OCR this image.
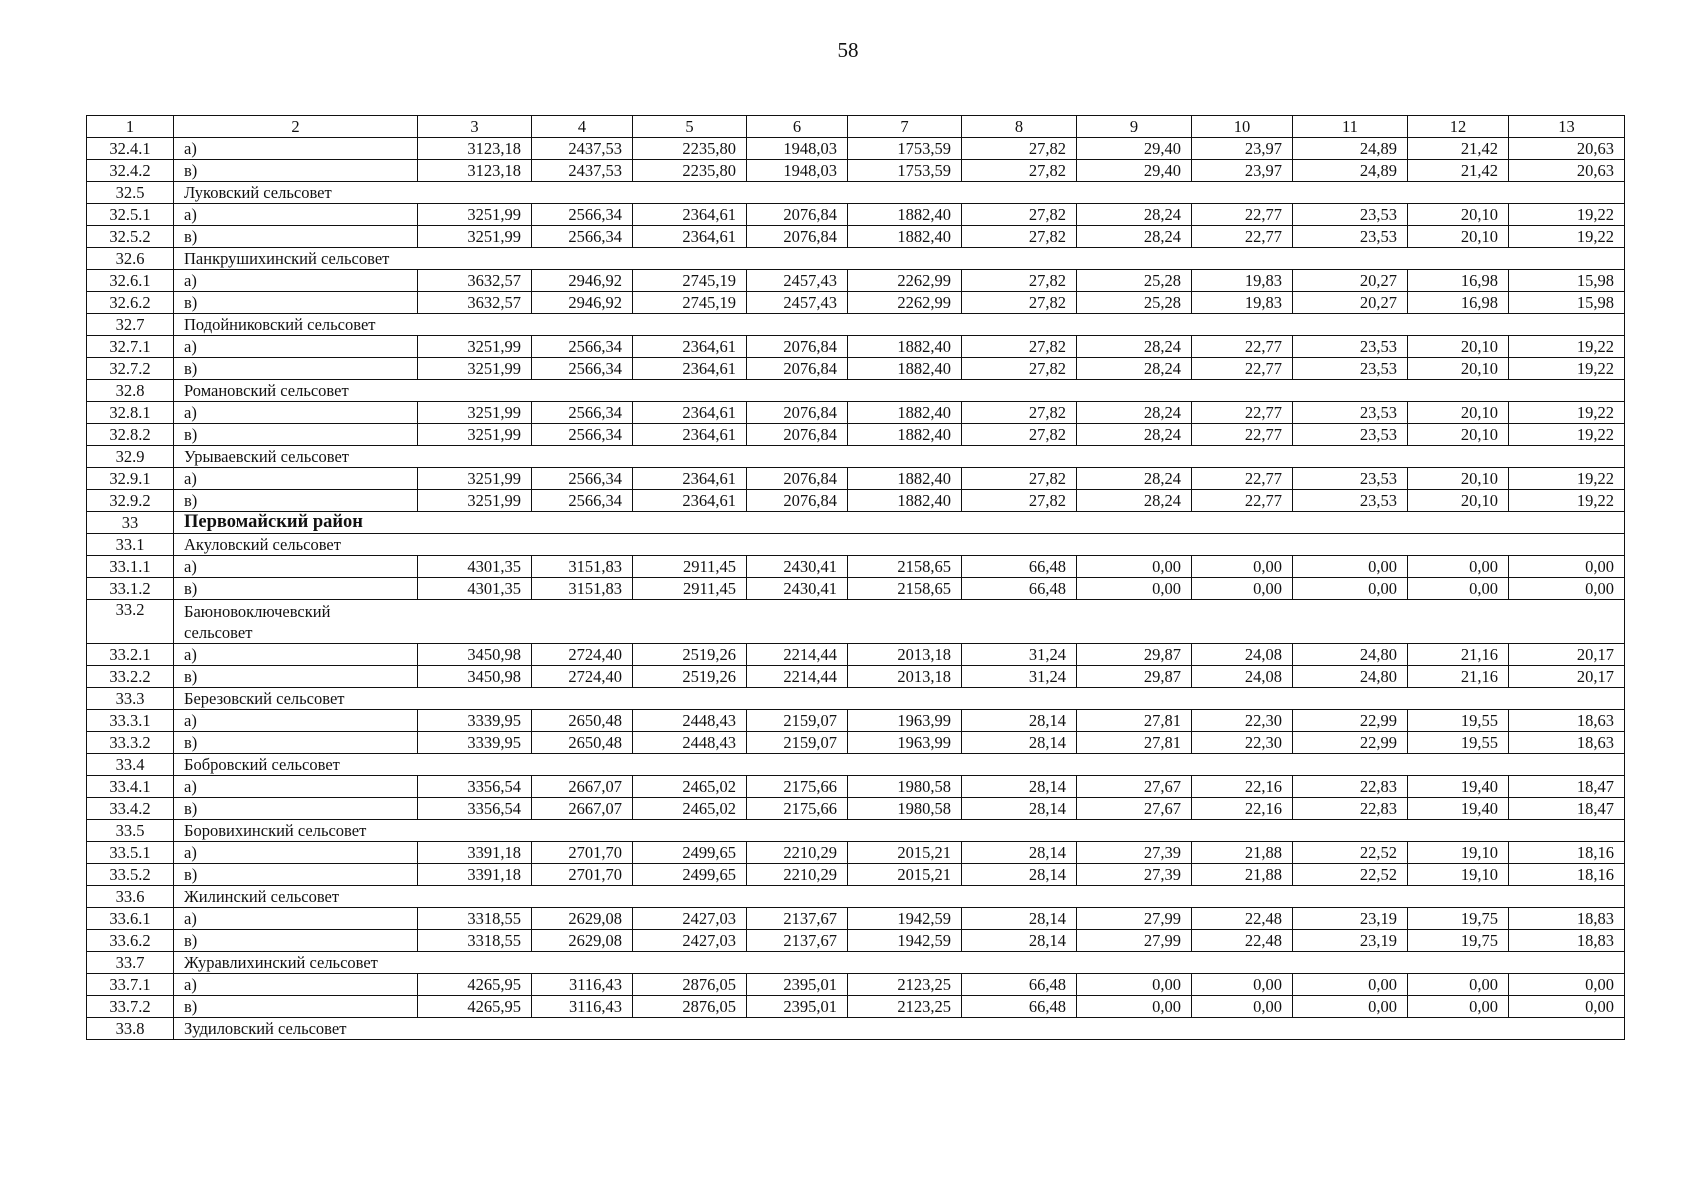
58
1	2	3	4	5	6	7	8	9	10	11	12	13
32.4.1	а)	3123,18	2437,53	2235,80	1948,03	1753,59	27,82	29,40	23,97	24,89	21,42	20,63
32.4.2	в)	3123,18	2437,53	2235,80	1948,03	1753,59	27,82	29,40	23,97	24,89	21,42	20,63
32.5	Луковский сельсовет											
32.5.1	а)	3251,99	2566,34	2364,61	2076,84	1882,40	27,82	28,24	22,77	23,53	20,10	19,22
32.5.2	в)	3251,99	2566,34	2364,61	2076,84	1882,40	27,82	28,24	22,77	23,53	20,10	19,22
32.6	Панкрушихинский сельсовет											
32.6.1	а)	3632,57	2946,92	2745,19	2457,43	2262,99	27,82	25,28	19,83	20,27	16,98	15,98
32.6.2	в)	3632,57	2946,92	2745,19	2457,43	2262,99	27,82	25,28	19,83	20,27	16,98	15,98
32.7	Подойниковский сельсовет											
32.7.1	а)	3251,99	2566,34	2364,61	2076,84	1882,40	27,82	28,24	22,77	23,53	20,10	19,22
32.7.2	в)	3251,99	2566,34	2364,61	2076,84	1882,40	27,82	28,24	22,77	23,53	20,10	19,22
32.8	Романовский сельсовет											
32.8.1	а)	3251,99	2566,34	2364,61	2076,84	1882,40	27,82	28,24	22,77	23,53	20,10	19,22
32.8.2	в)	3251,99	2566,34	2364,61	2076,84	1882,40	27,82	28,24	22,77	23,53	20,10	19,22
32.9	Урываевский сельсовет											
32.9.1	а)	3251,99	2566,34	2364,61	2076,84	1882,40	27,82	28,24	22,77	23,53	20,10	19,22
32.9.2	в)	3251,99	2566,34	2364,61	2076,84	1882,40	27,82	28,24	22,77	23,53	20,10	19,22
33	Первомайский район											
33.1	Акуловский сельсовет											
33.1.1	а)	4301,35	3151,83	2911,45	2430,41	2158,65	66,48	0,00	0,00	0,00	0,00	0,00
33.1.2	в)	4301,35	3151,83	2911,45	2430,41	2158,65	66,48	0,00	0,00	0,00	0,00	0,00
33.2	Баюновоключевский сельсовет											

33.2.1	а)	3450,98	2724,40	2519,26	2214,44	2013,18	31,24	29,87	24,08	24,80	21,16	20,17
33.2.2	в)	3450,98	2724,40	2519,26	2214,44	2013,18	31,24	29,87	24,08	24,80	21,16	20,17
33.3	Березовский сельсовет											
33.3.1	а)	3339,95	2650,48	2448,43	2159,07	1963,99	28,14	27,81	22,30	22,99	19,55	18,63
33.3.2	в)	3339,95	2650,48	2448,43	2159,07	1963,99	28,14	27,81	22,30	22,99	19,55	18,63
33.4	Бобровский сельсовет											
33.4.1	а)	3356,54	2667,07	2465,02	2175,66	1980,58	28,14	27,67	22,16	22,83	19,40	18,47
33.4.2	в)	3356,54	2667,07	2465,02	2175,66	1980,58	28,14	27,67	22,16	22,83	19,40	18,47
33.5	Боровихинский сельсовет											
33.5.1	а)	3391,18	2701,70	2499,65	2210,29	2015,21	28,14	27,39	21,88	22,52	19,10	18,16
33.5.2	в)	3391,18	2701,70	2499,65	2210,29	2015,21	28,14	27,39	21,88	22,52	19,10	18,16
33.6	Жилинский сельсовет											
33.6.1	а)	3318,55	2629,08	2427,03	2137,67	1942,59	28,14	27,99	22,48	23,19	19,75	18,83
33.6.2	в)	3318,55	2629,08	2427,03	2137,67	1942,59	28,14	27,99	22,48	23,19	19,75	18,83
33.7	Журавлихинский сельсовет											
33.7.1	а)	4265,95	3116,43	2876,05	2395,01	2123,25	66,48	0,00	0,00	0,00	0,00	0,00
33.7.2	в)	4265,95	3116,43	2876,05	2395,01	2123,25	66,48	0,00	0,00	0,00	0,00	0,00
33.8	Зудиловский сельсовет											
